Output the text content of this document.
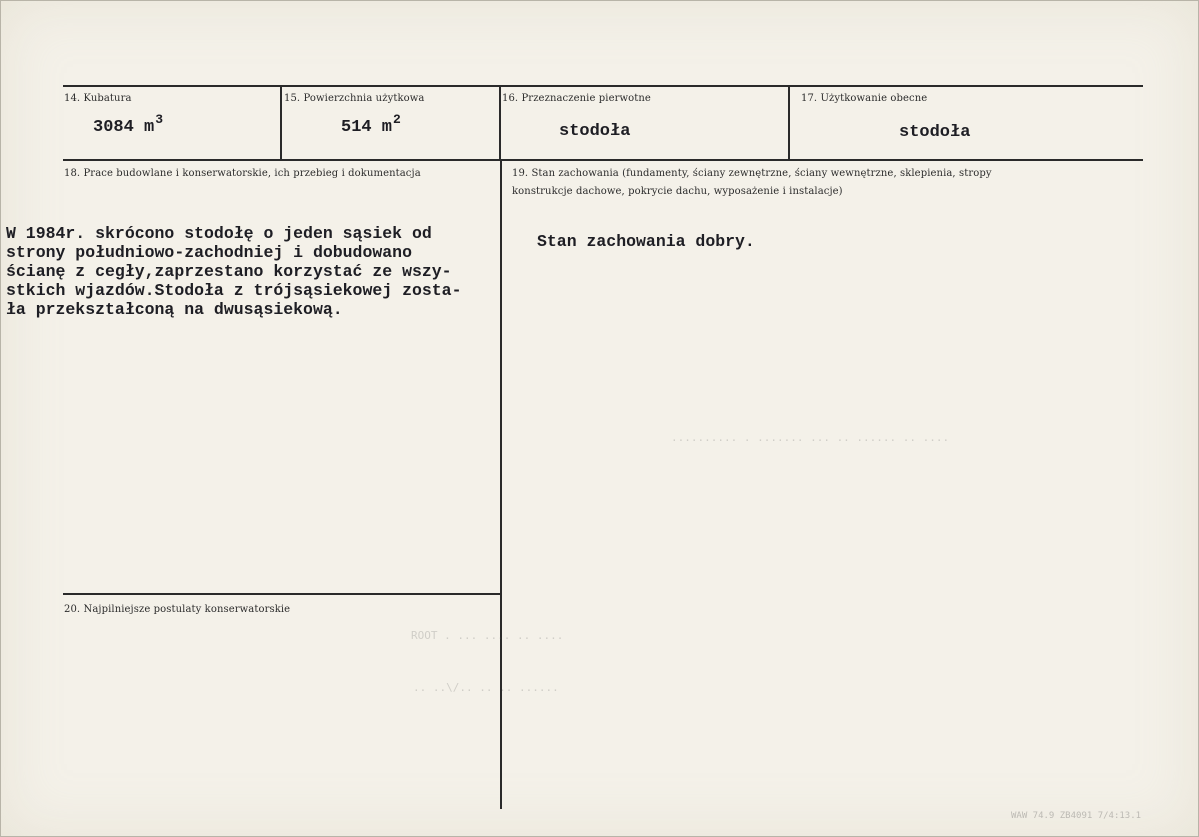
14. Kubatura
3084 $m^3$
15. Powierzchnia użytkowa
514 $m^2$
16. Przeznaczenie pierwotne
stodoła
17. Użytkowanie obecne
stodoła
18. Prace budowlane i konserwatorskie, ich przebieg i dokumentacja
W 1984r. skrócono stodołę o jeden sąsiek od
strony południowo-zachodniej i dobudowano
ścianę z cegły,zaprzestano korzystać ze wszy-
stkich wjazdów.Stodoła z trójsąsiekowej zosta-
ła przekształconą na dwusąsiekową.
19. Stan zachowania (fundamenty, ściany zewnętrzne, ściany wewnętrzne, sklepienia, stropy
konstrukcje dachowe, pokrycie dachu, wyposażenie i instalacje)
Stan zachowania dobry.
20. Najpilniejsze postulaty konserwatorskie
ROOT . ... .... .. ....
.. ..\/.. .. .. ......
.......... . ....... ... .. ...... .. ....
WAW 74.9 ZB4091 7/4:13.1
